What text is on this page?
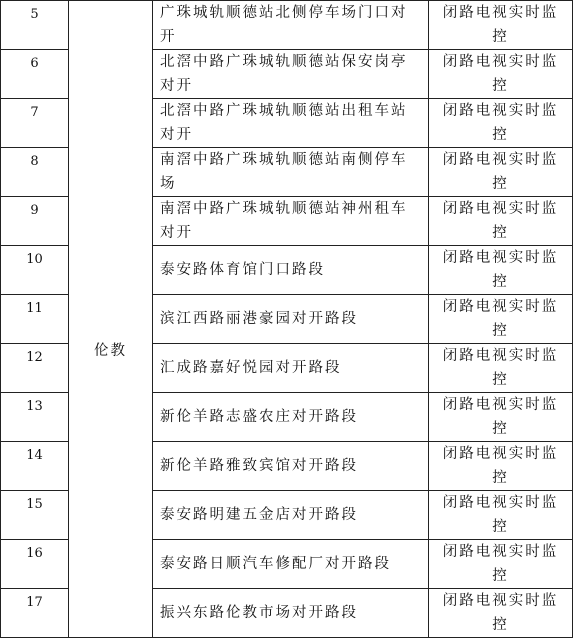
5	伦教	广珠城轨顺德站北侧停车场门口对开	闭路电视实时监控
6		北滘中路广珠城轨顺德站保安岗亭对开	闭路电视实时监控
7		北滘中路广珠城轨顺德站出租车站对开	闭路电视实时监控
8		南滘中路广珠城轨顺德站南侧停车场	闭路电视实时监控
9		南滘中路广珠城轨顺德站神州租车对开	闭路电视实时监控
10		泰安路体育馆门口路段	闭路电视实时监控
11		滨江西路丽港豪园对开路段	闭路电视实时监控
12		汇成路嘉好悦园对开路段	闭路电视实时监控
13		新伦羊路志盛农庄对开路段	闭路电视实时监控
14		新伦羊路雅致宾馆对开路段	闭路电视实时监控
15		泰安路明建五金店对开路段	闭路电视实时监控
16		泰安路日顺汽车修配厂对开路段	闭路电视实时监控
17		振兴东路伦教市场对开路段	闭路电视实时监控
